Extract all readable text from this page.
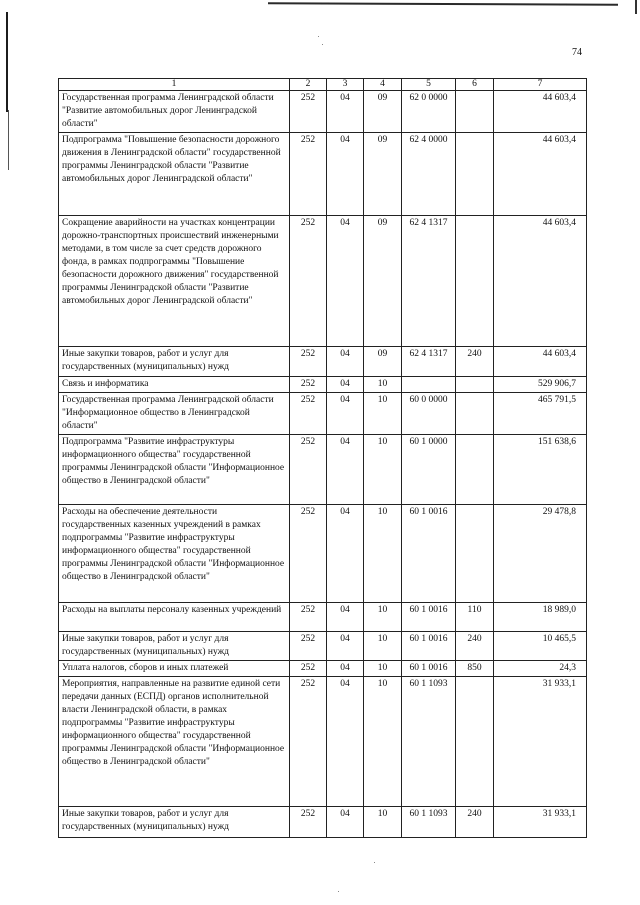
74
1	2	3	4	5	6	7
Государственная программа Ленинградской области "Развитие автомобильных дорог Ленинградской области"	252	04	09	62 0 0000		44 603,4
Подпрограмма "Повышение безопасности дорожного движения в Ленинградской области" государственной программы Ленинградской области "Развитие автомобильных дорог Ленинградской области"	252	04	09	62 4 0000		44 603,4
Сокращение аварийности на участках концентрации дорожно-транспортных происшествий инженерными методами, в том числе за счет средств дорожного фонда, в рамках подпрограммы "Повышение безопасности дорожного движения" государственной программы Ленинградской области "Развитие автомобильных дорог Ленинградской области"	252	04	09	62 4 1317		44 603,4
Иные закупки товаров, работ и услуг для государственных (муниципальных) нужд	252	04	09	62 4 1317	240	44 603,4
Связь и информатика	252	04	10			529 906,7
Государственная программа Ленинградской области "Информационное общество в Ленинградской области"	252	04	10	60 0 0000		465 791,5
Подпрограмма "Развитие инфраструктуры информационного общества" государственной программы Ленинградской области "Информационное общество в Ленинградской области"	252	04	10	60 1 0000		151 638,6
Расходы на обеспечение деятельности государственных казенных учреждений в рамках подпрограммы "Развитие инфраструктуры информационного общества" государственной программы Ленинградской области "Информационное общество в Ленинградской области"	252	04	10	60 1 0016		29 478,8
Расходы на выплаты персоналу казенных учреждений	252	04	10	60 1 0016	110	18 989,0
Иные закупки товаров, работ и услуг для государственных (муниципальных) нужд	252	04	10	60 1 0016	240	10 465,5
Уплата налогов, сборов и иных платежей	252	04	10	60 1 0016	850	24,3
Мероприятия, направленные на развитие единой сети передачи данных (ЕСПД) органов исполнительной власти Ленинградской области, в рамках подпрограммы "Развитие инфраструктуры информационного общества" государственной программы Ленинградской области "Информационное общество в Ленинградской области"	252	04	10	60 1 1093		31 933,1
Иные закупки товаров, работ и услуг для государственных (муниципальных) нужд	252	04	10	60 1 1093	240	31 933,1
